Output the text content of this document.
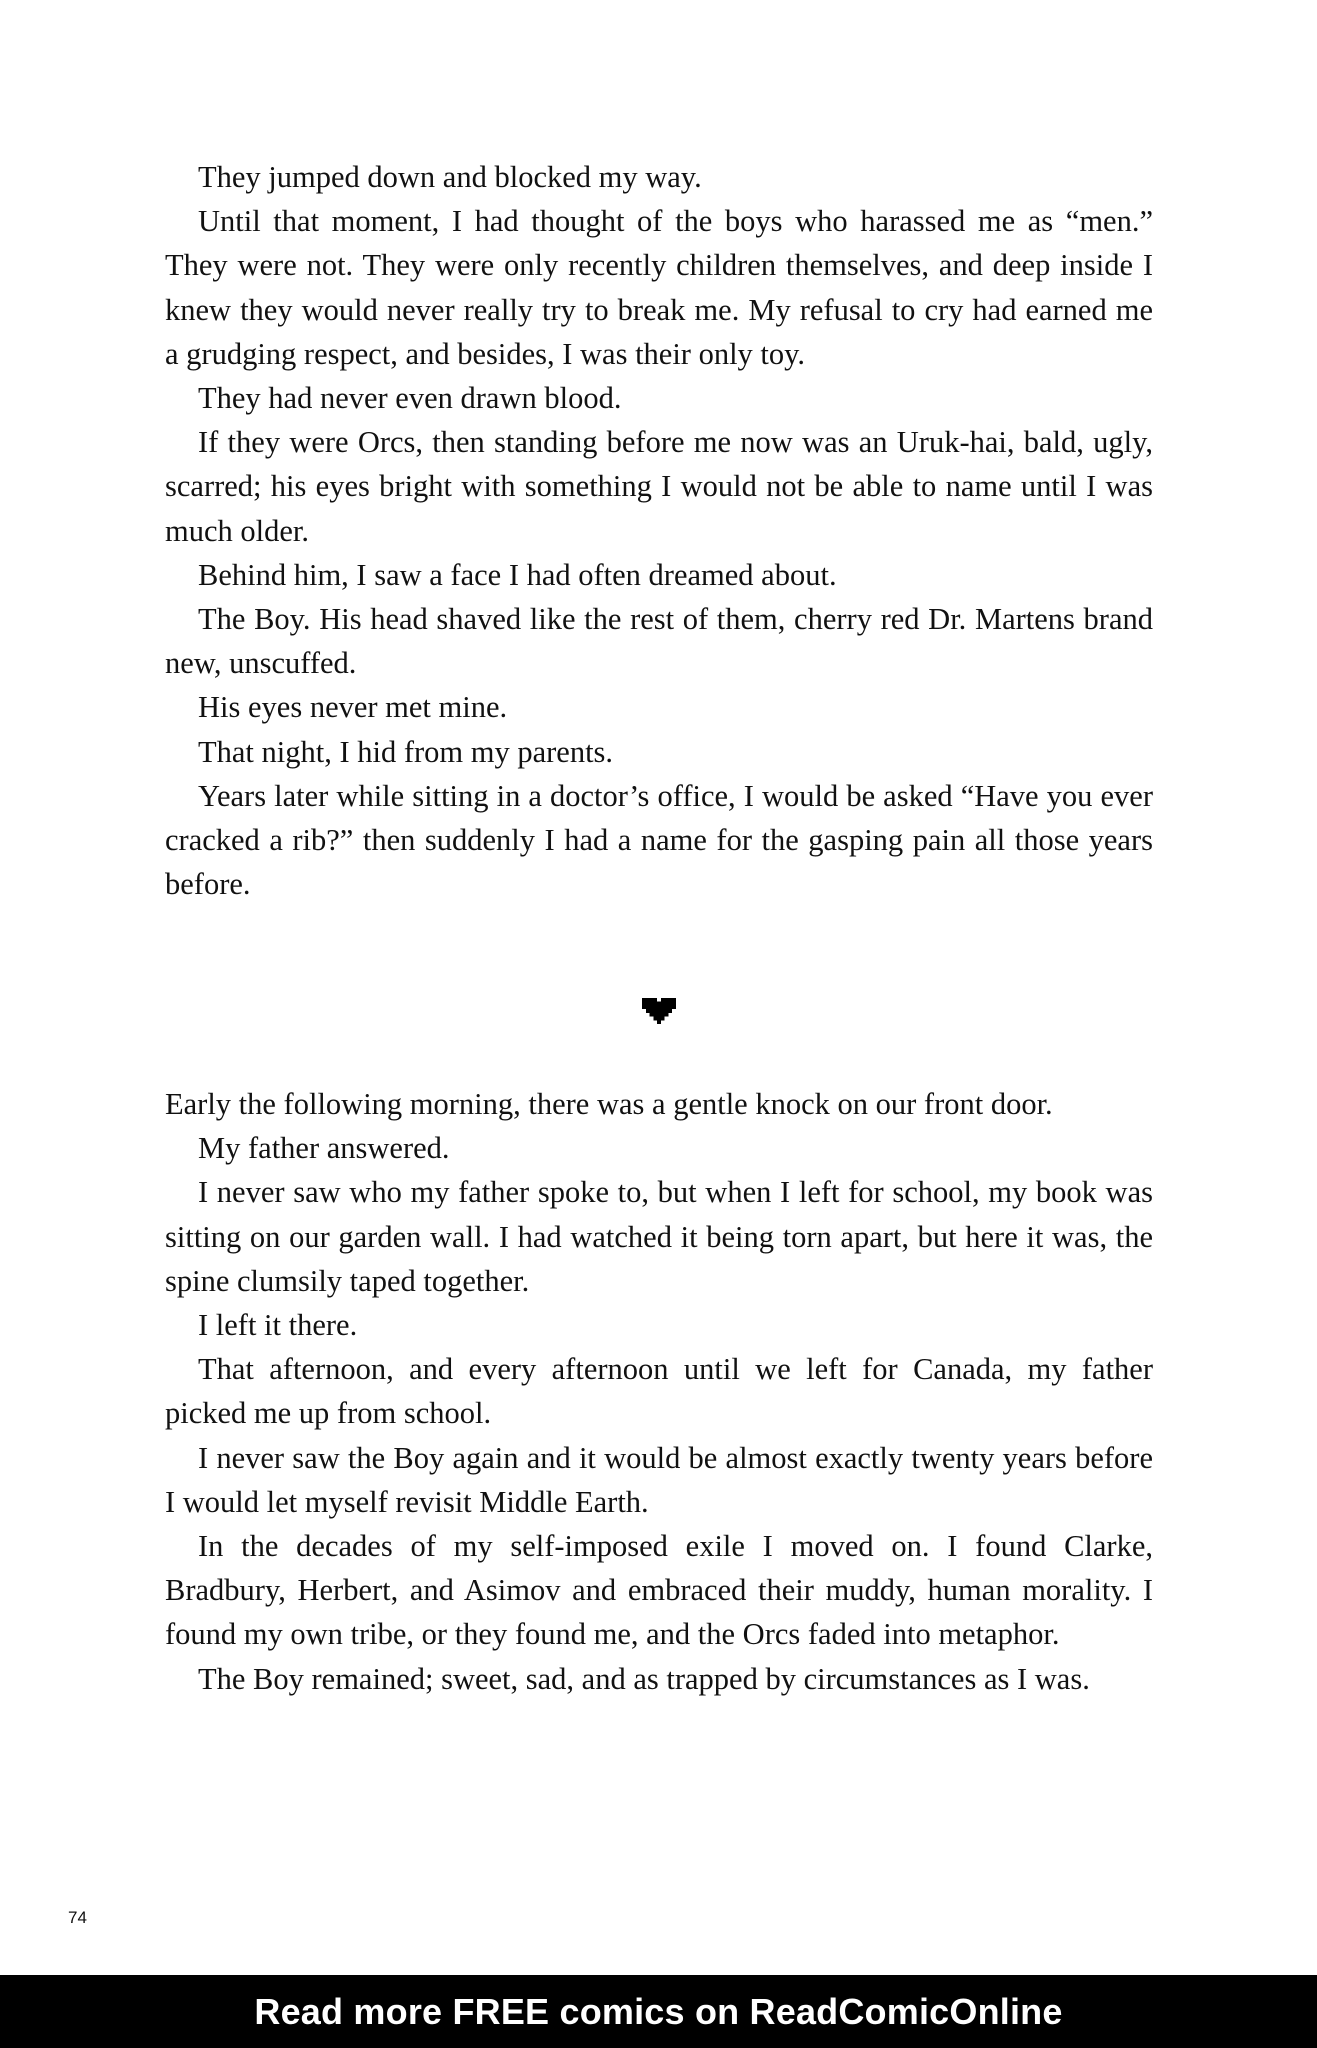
They jumped down and blocked my way.

Until that moment, I had thought of the boys who harassed me as “men.” They were not. They were only recently children themselves, and deep inside I knew they would never really try to break me. My refusal to cry had earned me a grudging respect, and besides, I was their only toy.

They had never even drawn blood.

If they were Orcs, then standing before me now was an Uruk-hai, bald, ugly, scarred; his eyes bright with something I would not be able to name until I was much older.

Behind him, I saw a face I had often dreamed about.

The Boy. His head shaved like the rest of them, cherry red Dr. Martens brand new, unscuffed.

His eyes never met mine.

That night, I hid from my parents.

Years later while sitting in a doctor’s office, I would be asked “Have you ever cracked a rib?” then suddenly I had a name for the gasping pain all those years before.

Early the following morning, there was a gentle knock on our front door.

My father answered.

I never saw who my father spoke to, but when I left for school, my book was sitting on our garden wall. I had watched it being torn apart, but here it was, the spine clumsily taped together.

I left it there.

That afternoon, and every afternoon until we left for Canada, my father picked me up from school.

I never saw the Boy again and it would be almost exactly twenty years before I would let myself revisit Middle Earth.

In the decades of my self-imposed exile I moved on. I found Clarke, Bradbury, Herbert, and Asimov and embraced their muddy, human morality. I found my own tribe, or they found me, and the Orcs faded into metaphor.

The Boy remained; sweet, sad, and as trapped by circumstances as I was.

74
Read more FREE comics on ReadComicOnline
